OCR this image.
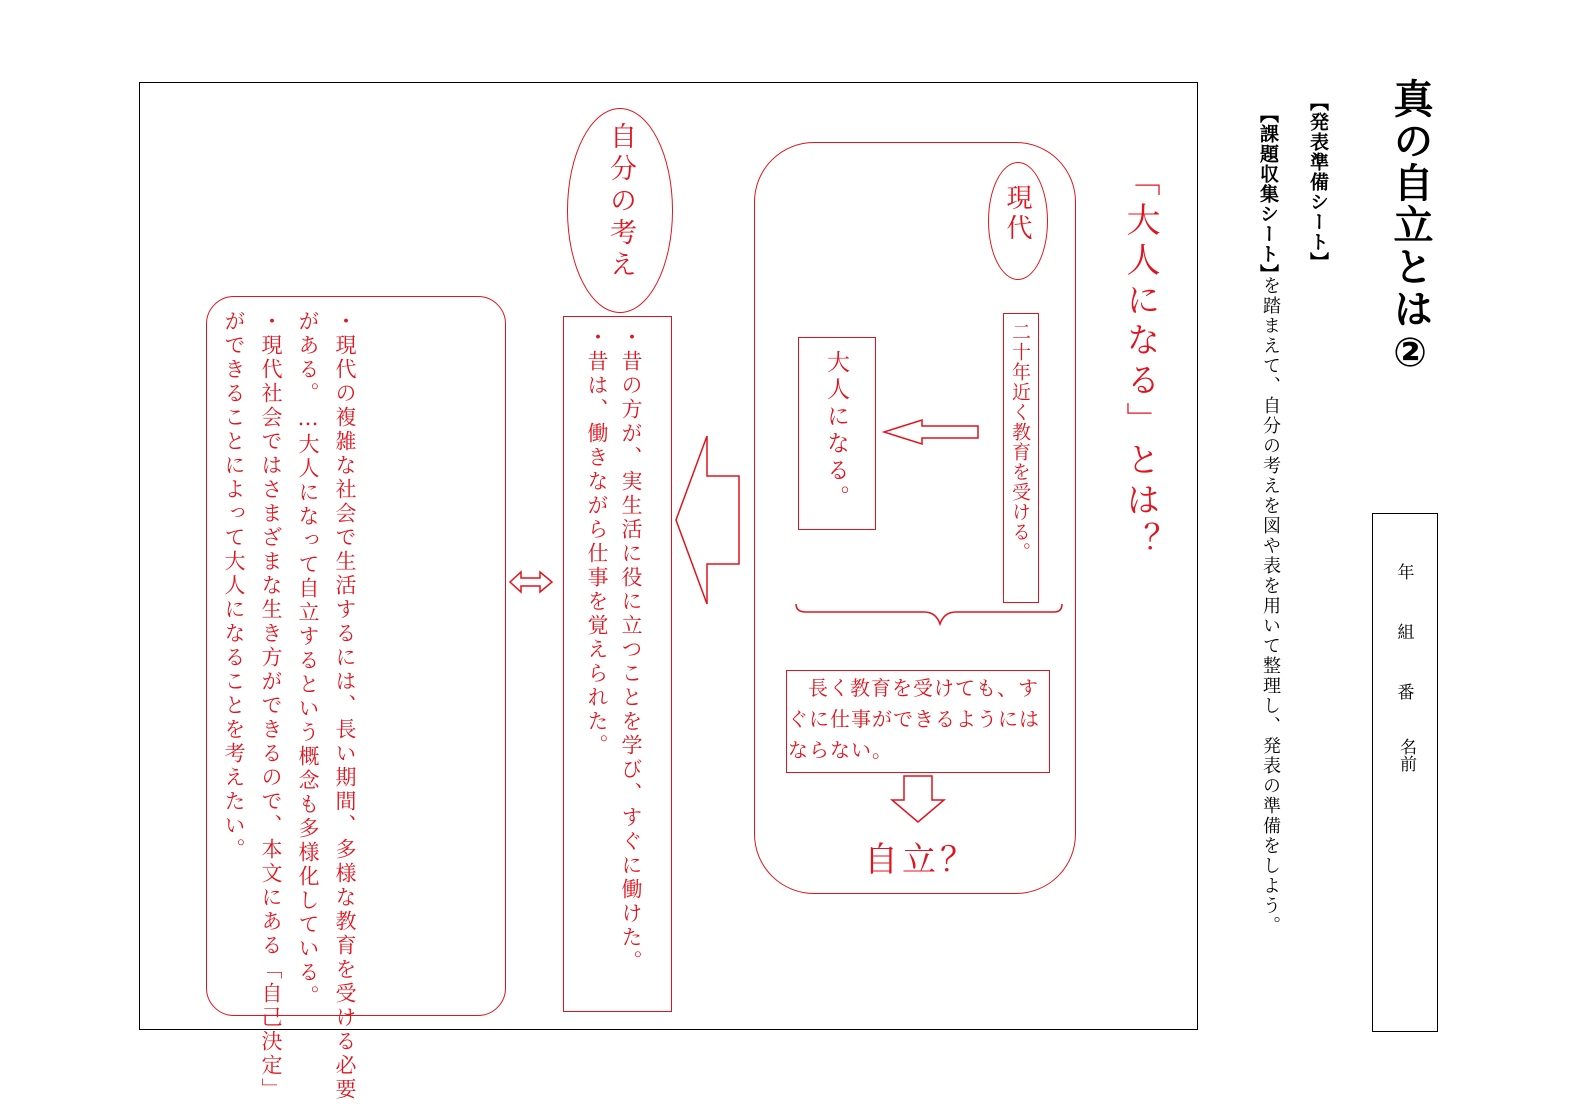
真の自立とは②
【発表準備シート】
【課題収集シート】
を踏まえて、自分の考えを図や表を用いて整理し、発表の準備をしよう。	年
組
番
名前
「大人になる」とは？
現代
二十年近く教育を受ける。
大人になる。
長く教育を受けても、すぐに仕事ができるようにはならない。
自立？
自分の考え
・昔の方が、実生活に役に立つことを学び、すぐに働けた。
・昔は、働きながら仕事を覚えられた。
・現代の複雑な社会で生活するには、長い期間、多様な教育を受ける必要がある。…大人になって自立するという概念も多様化している。
・現代社会ではさまざまな生き方ができるので、本文にある「自己決定」ができることによって大人になることを考えたい。
